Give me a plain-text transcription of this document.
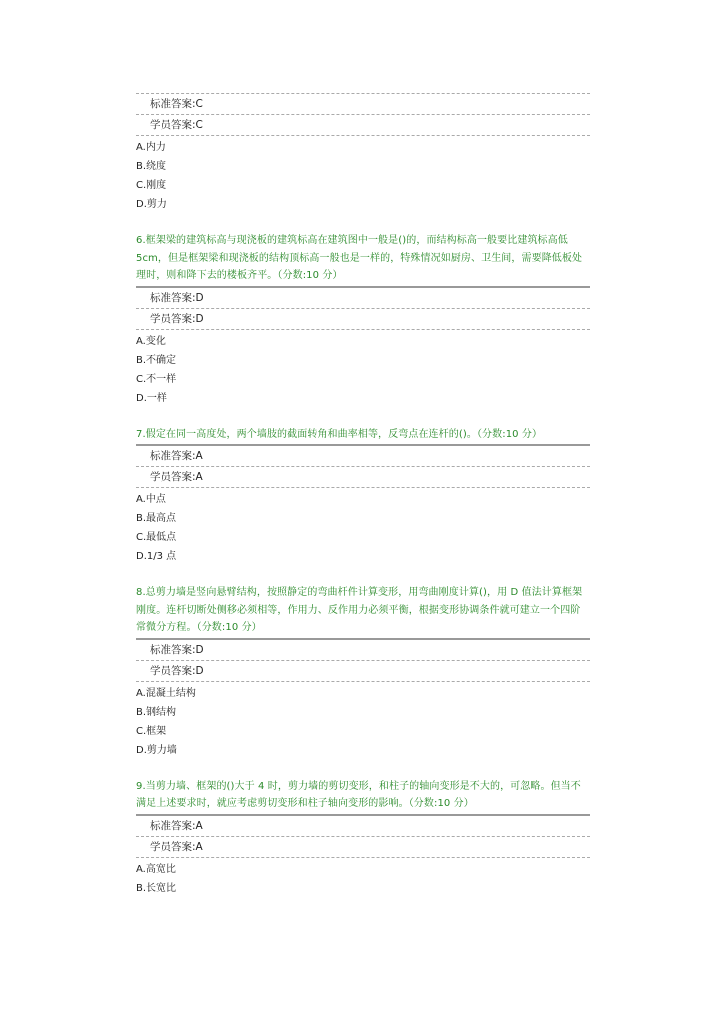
标准答案:C
学员答案:C
A.内力
B.绕度
C.刚度
D.剪力
6.框架梁的建筑标高与现浇板的建筑标高在建筑图中一般是()的，而结构标高一般要比建筑标高低5cm，但是框架梁和现浇板的结构顶标高一般也是一样的，特殊情况如厨房、卫生间，需要降低板处理时，则和降下去的楼板齐平。（分数:10 分）
标准答案:D
学员答案:D
A.变化
B.不确定
C.不一样
D.一样
7.假定在同一高度处，两个墙肢的截面转角和曲率相等，反弯点在连杆的()。（分数:10 分）
标准答案:A
学员答案:A
A.中点
B.最高点
C.最低点
D.1/3 点
8.总剪力墙是竖向悬臂结构，按照静定的弯曲杆件计算变形，用弯曲刚度计算()，用 D 值法计算框架刚度。连杆切断处侧移必须相等，作用力、反作用力必须平衡，根据变形协调条件就可建立一个四阶常微分方程。（分数:10 分）
标准答案:D
学员答案:D
A.混凝土结构
B.钢结构
C.框架
D.剪力墙
9.当剪力墙、框架的()大于 4 时，剪力墙的剪切变形，和柱子的轴向变形是不大的，可忽略。但当不满足上述要求时，就应考虑剪切变形和柱子轴向变形的影响。（分数:10 分）
标准答案:A
学员答案:A
A.高宽比
B.长宽比
